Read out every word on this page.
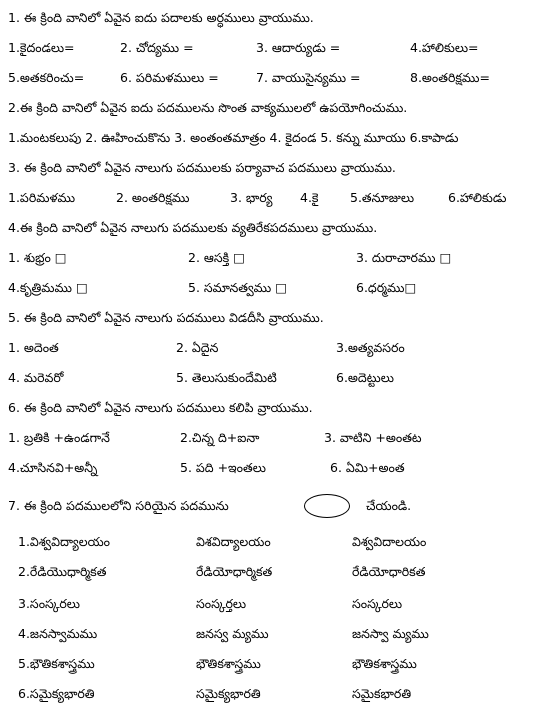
1. ఈ క్రింది వానిలో ఏవైన ఐదు పదాలకు అర్ధములు వ్రాయుము.
1.కైదండలు=	2. చోద్యము =	3. ఆదార్యుడు =	4.హాలికులు=
5.అతకరించు=	6. పరిమళములు =	7. వాయుసైన్యము =	8.అంతరిక్షము=
2.ఈ క్రింది వానిలో ఏవైన ఐదు పదములను సొంత వాక్యములలో ఉపయోగించుము.
1.మంటకలుపు 2. ఊహించుకొను 3. అంతంతమాత్రం 4. కైదండ 5. కన్ను మూయు 6.కాపాడు
3. ఈ క్రింది వానిలో ఏవైన నాలుగు పదములకు పర్యావాచ పదములు వ్రాయుము.
1.పరిమళము	2. అంతరిక్షము	3. భార్య 4.కై	5.తనూజులు	6.హాలికుడు
4.ఈ క్రింది వానిలో ఏవైన నాలుగు పదములకు వ్యతిరేకపదములు వ్రాయుము.
1. శుభ్రం □	2. ఆసక్తి □	3. దురాచారము □
4.కృత్రిమము □	5. సమానత్వము □	6.ధర్మము□
5. ఈ క్రింది వానిలో ఏవైన నాలుగు పదములు విడదీసి వ్రాయుము.
1. అదెంత	2. ఏదైన	3.అత్యవసరం
4. మరెవరో	5. తెలుసుకుందేమిటి	6.అదెట్టులు
6. ఈ క్రింది వానిలో ఏవైన నాలుగు పదములు కలిపి వ్రాయుము.
1. బ్రతికి +ఉండగానే	2.చిన్న ది+ఐనా	3. వాటిని +అంతట
4.చూసినవి+అన్నీ	5. పది +ఇంతలు	6. ఏమి+అంత
7. ఈ క్రింది పదములలోని సరియైన పదమును	చేయండి.
1.విశ్వవిద్యాలయం	విశవిద్యాలయం	విశ్వవిదాలయం
2.రేడియొధార్మికత	రేడియోధార్మికత	రేడియోధారికత
3.సంస్కరలు	సంస్కర్తలు	సంస్కరలు
4.జనస్వామము	జనస్వ మ్యము	జనస్వా మ్యము
5.భౌతికశాస్త్రము	భౌతికశాస్త్రము	భౌతికశాస్త్రము
6.సమైక్యభారతి	సమైక్యభారతి	సమైకభారతి
